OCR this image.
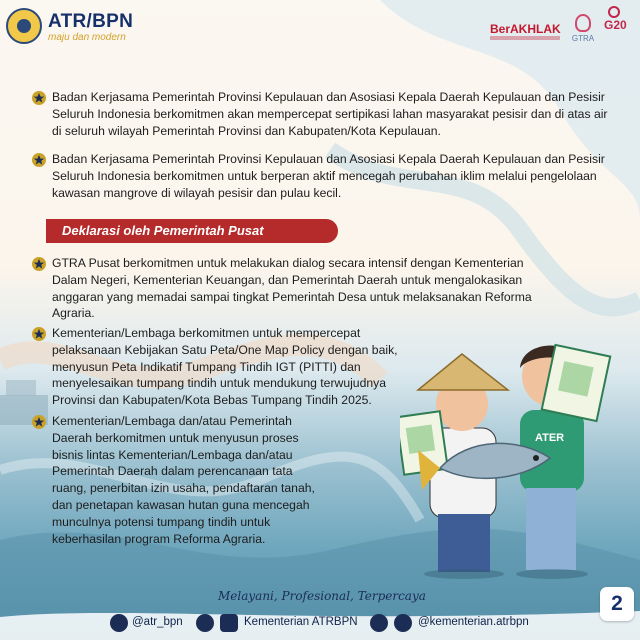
ATR/BPN
maju dan modern
BerAKHLAK
GTRA
G20
Badan Kerjasama Pemerintah Provinsi Kepulauan dan Asosiasi Kepala Daerah Kepulauan dan Pesisir Seluruh Indonesia berkomitmen akan mempercepat sertipikasi lahan masyarakat pesisir dan di atas air di seluruh wilayah Pemerintah Provinsi dan Kabupaten/Kota Kepulauan.
Badan Kerjasama Pemerintah Provinsi Kepulauan dan Asosiasi Kepala Daerah Kepulauan dan Pesisir Seluruh Indonesia berkomitmen untuk berperan aktif mencegah perubahan iklim melalui pengelolaan kawasan mangrove di wilayah pesisir dan pulau kecil.
Deklarasi oleh Pemerintah Pusat
GTRA Pusat berkomitmen untuk melakukan dialog secara intensif dengan Kementerian Dalam Negeri, Kementerian Keuangan, dan Pemerintah Daerah untuk mengalokasikan anggaran yang memadai sampai tingkat Pemerintah Desa untuk melaksanakan Reforma Agraria.
Kementerian/Lembaga berkomitmen untuk mempercepat pelaksanaan Kebijakan Satu Peta/One Map Policy dengan baik, menyusun Peta Indikatif Tumpang Tindih IGT (PITTI) dan menyelesaikan tumpang tindih untuk mendukung terwujudnya Provinsi dan Kabupaten/Kota Bebas Tumpang Tindih 2025.
Kementerian/Lembaga dan/atau Pemerintah Daerah berkomitmen untuk menyusun proses bisnis lintas Kementerian/Lembaga dan/atau Pemerintah Daerah dalam perencanaan tata ruang, penerbitan izin usaha, pendaftaran tanah, dan penetapan kawasan hutan guna mencegah munculnya potensi tumpang tindih untuk keberhasilan program Reforma Agraria.
ATER
Melayani, Profesional, Terpercaya
@atr_bpn	Kementerian ATRBPN	@kementerian.atrbpn
2
